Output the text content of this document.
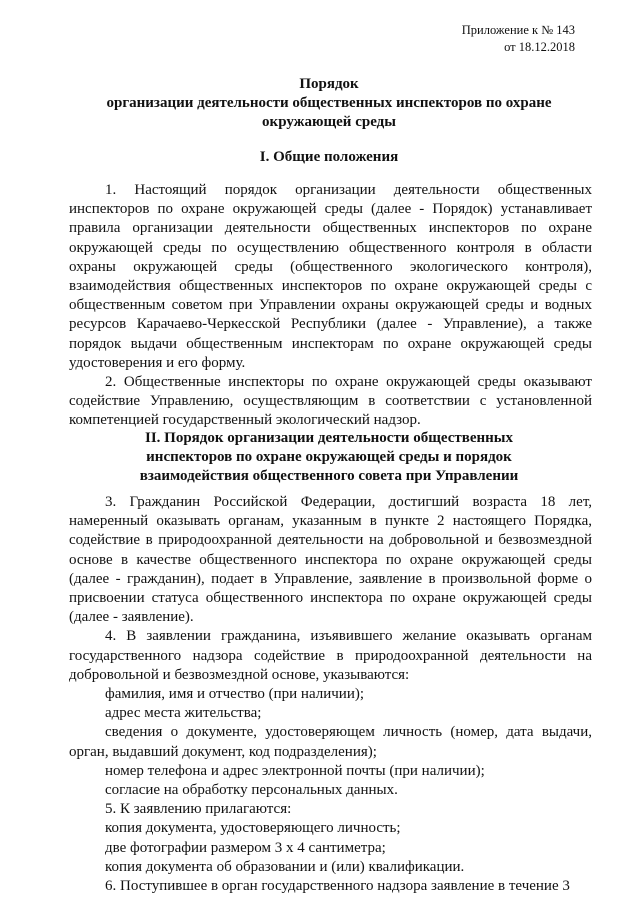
Приложение к № 143
от 18.12.2018
Порядок
организации деятельности общественных инспекторов по охране
окружающей среды
I. Общие положения

1. Настоящий порядок организации деятельности общественных инспекторов по охране окружающей среды (далее - Порядок) устанавливает правила организации деятельности общественных инспекторов по охране окружающей среды по осуществлению общественного контроля в области охраны окружающей среды (общественного экологического контроля), взаимодействия общественных инспекторов по охране окружающей среды с общественным советом при Управлении охраны окружающей среды и водных ресурсов Карачаево-Черкесской Республики (далее - Управление), а также порядок выдачи общественным инспекторам по охране окружающей среды удостоверения и его форму.

2. Общественные инспекторы по охране окружающей среды оказывают содействие Управлению, осуществляющим в соответствии с установленной компетенцией государственный экологический надзор.

II. Порядок организации деятельности общественных
инспекторов по охране окружающей среды и порядок
взаимодействия общественного совета при Управлении

3. Гражданин Российской Федерации, достигший возраста 18 лет, намеренный оказывать органам, указанным в пункте 2 настоящего Порядка, содействие в природоохранной деятельности на добровольной и безвозмездной основе в качестве общественного инспектора по охране окружающей среды (далее - гражданин), подает в Управление, заявление в произвольной форме о присвоении статуса общественного инспектора по охране окружающей среды (далее - заявление).

4. В заявлении гражданина, изъявившего желание оказывать органам государственного надзора содействие в природоохранной деятельности на добровольной и безвозмездной основе, указываются:

фамилия, имя и отчество (при наличии);

адрес места жительства;

сведения о документе, удостоверяющем личность (номер, дата выдачи, орган, выдавший документ, код подразделения);

номер телефона и адрес электронной почты (при наличии);

согласие на обработку персональных данных.

5. К заявлению прилагаются:

копия документа, удостоверяющего личность;

две фотографии размером 3 х 4 сантиметра;

копия документа об образовании и (или) квалификации.

6. Поступившее в орган государственного надзора заявление в течение 3
